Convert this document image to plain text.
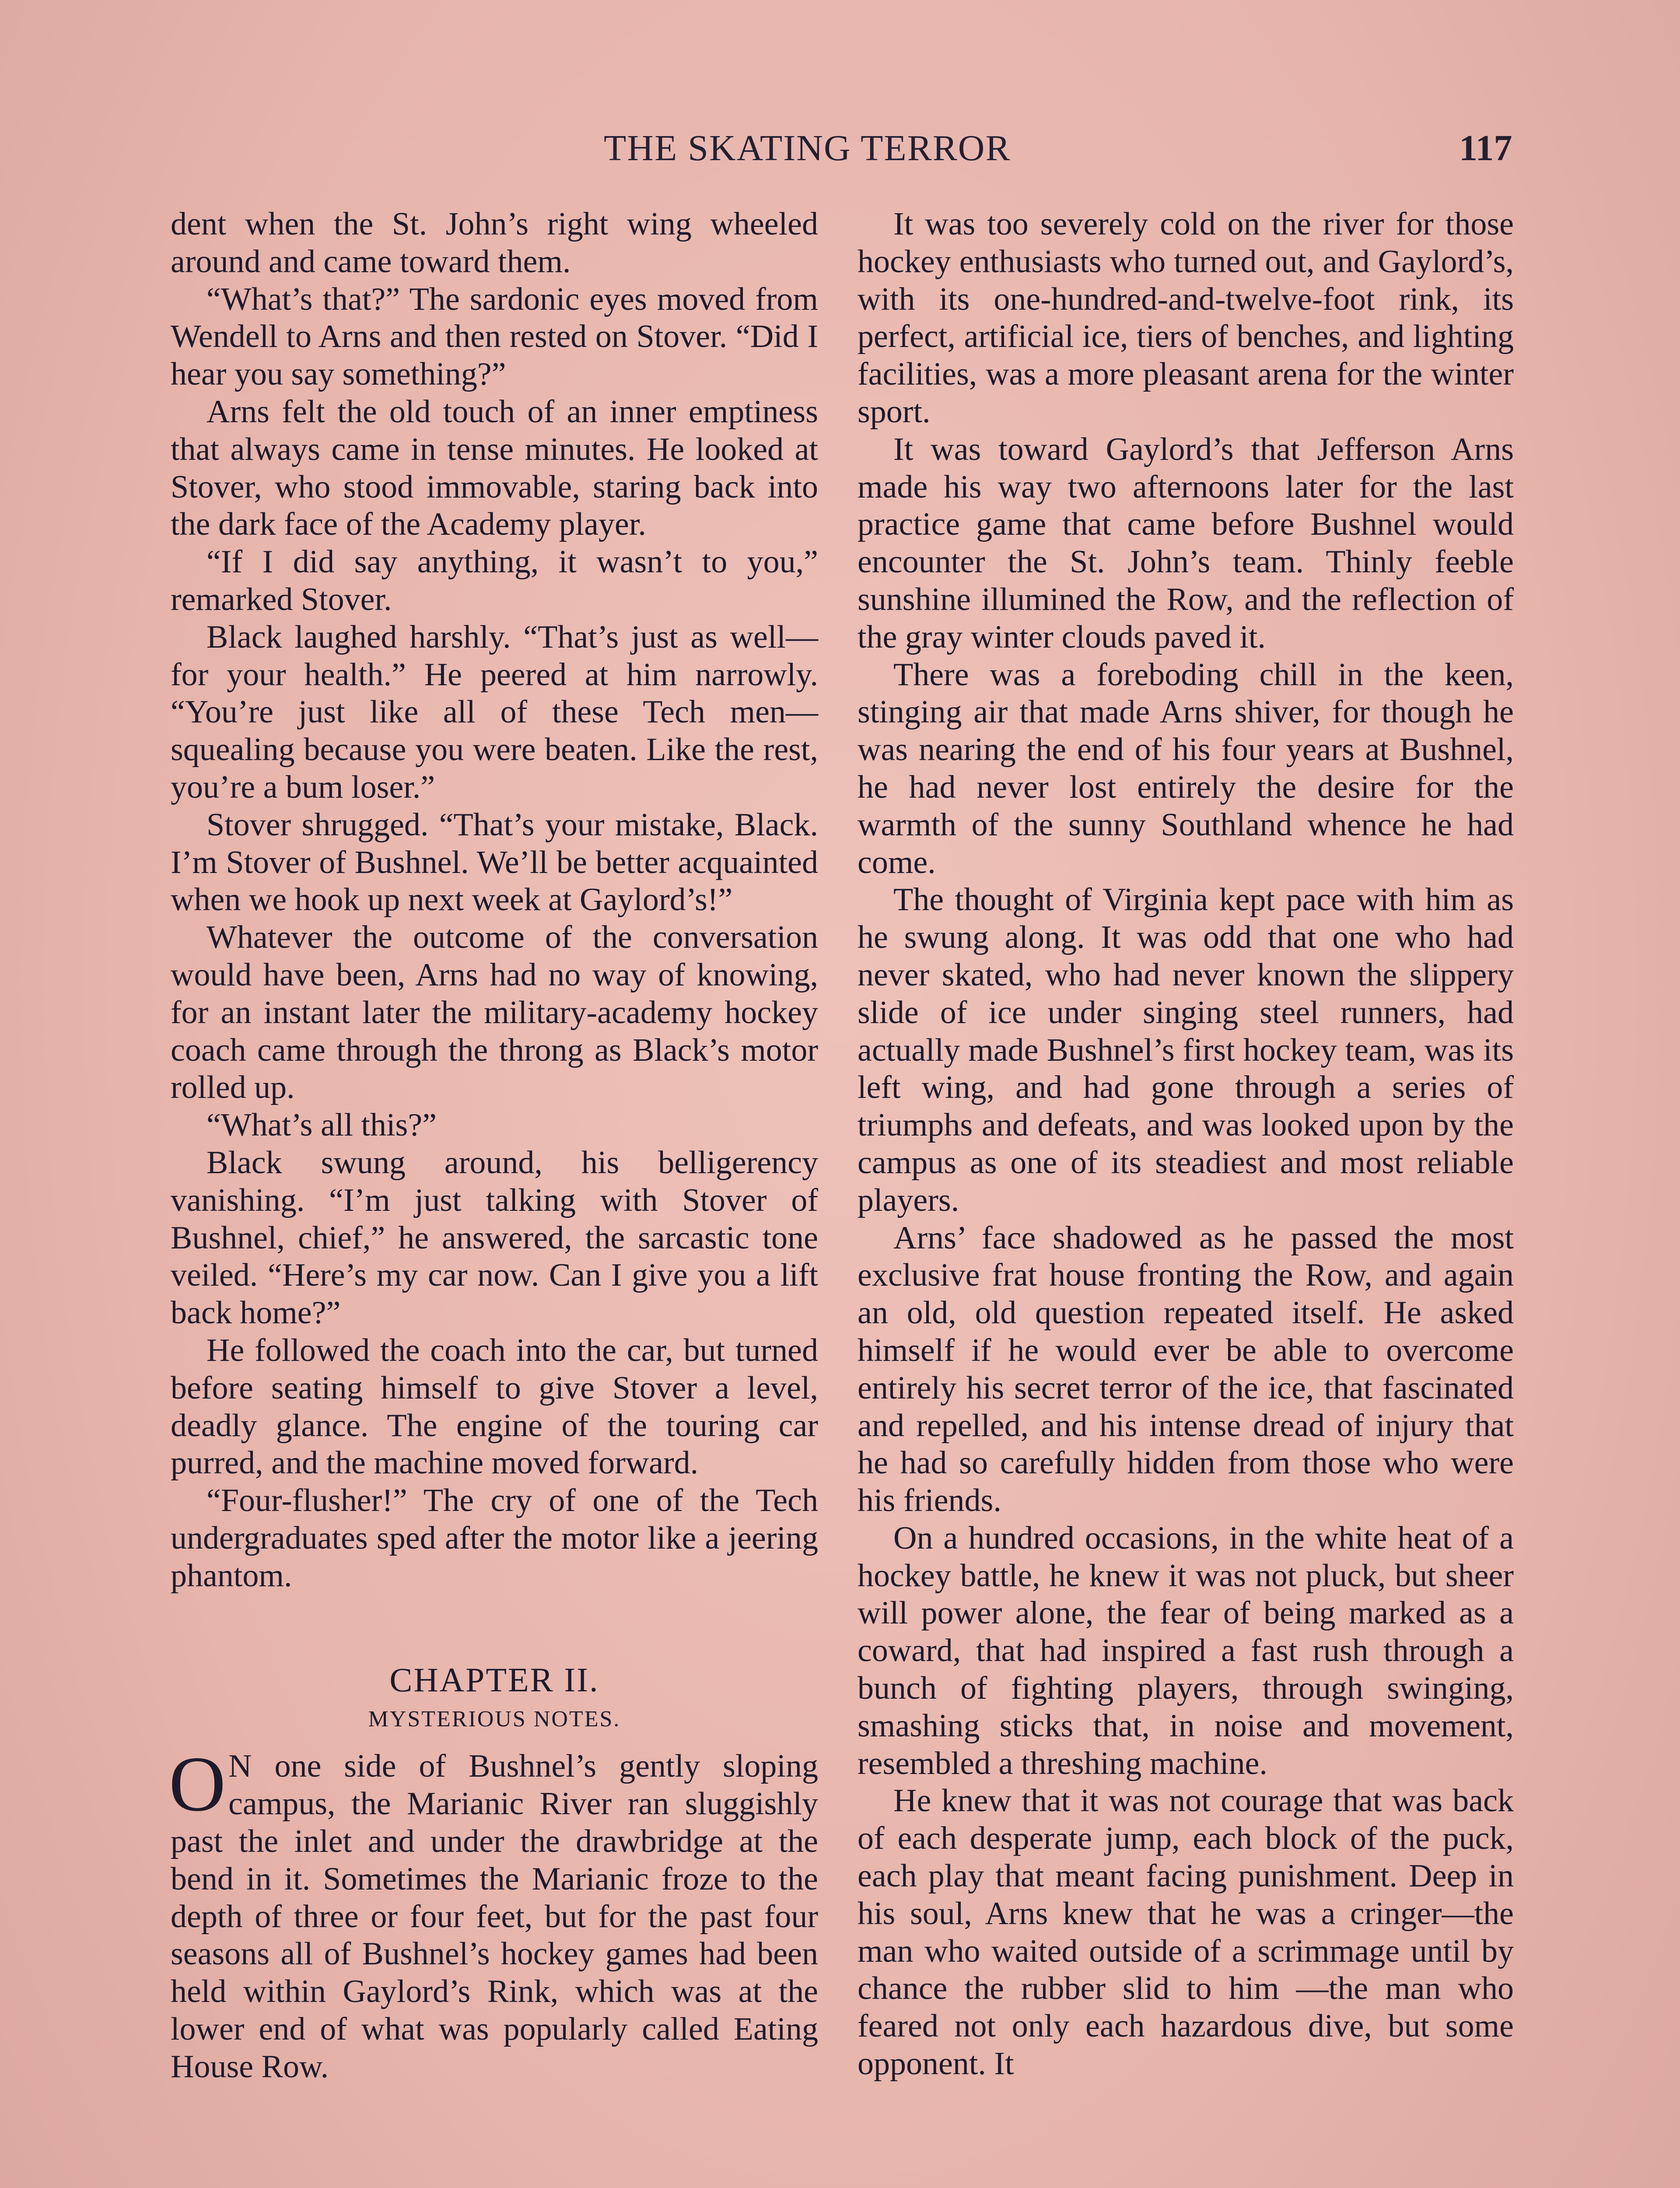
THE SKATING TERROR	117

dent when the St. John’s right wing wheeled around and came toward them.

“What’s that?” The sardonic eyes moved from Wendell to Arns and then rested on Stover. “Did I hear you say something?”

Arns felt the old touch of an inner emptiness that always came in tense minutes. He looked at Stover, who stood immovable, staring back into the dark face of the Academy player.

“If I did say anything, it wasn’t to you,” remarked Stover.

Black laughed harshly. “That’s just as well—for your health.” He peered at him narrowly. “You’re just like all of these Tech men—squealing because you were beaten. Like the rest, you’re a bum loser.”

Stover shrugged. “That’s your mistake, Black. I’m Stover of Bushnel. We’ll be better acquainted when we hook up next week at Gaylord’s!”

Whatever the outcome of the conversation would have been, Arns had no way of knowing, for an instant later the military-academy hockey coach came through the throng as Black’s motor rolled up.

“What’s all this?”

Black swung around, his belligerency vanishing. “I’m just talking with Stover of Bushnel, chief,” he answered, the sarcastic tone veiled. “Here’s my car now. Can I give you a lift back home?”

He followed the coach into the car, but turned before seating himself to give Stover a level, deadly glance. The engine of the touring car purred, and the machine moved forward.

“Four-flusher!” The cry of one of the Tech undergraduates sped after the motor like a jeering phantom.

CHAPTER II.
MYSTERIOUS NOTES.

O N one side of Bushnel’s gently sloping campus, the Marianic River ran sluggishly past the inlet and under the drawbridge at the bend in it. Sometimes the Marianic froze to the depth of three or four feet, but for the past four seasons all of Bushnel’s hockey games had been held within Gaylord’s Rink, which was at the lower end of what was popularly called Eating House Row.

It was too severely cold on the river for those hockey enthusiasts who turned out, and Gaylord’s, with its one-hundred-and-twelve-foot rink, its perfect, artificial ice, tiers of benches, and lighting facilities, was a more pleasant arena for the winter sport.

It was toward Gaylord’s that Jefferson Arns made his way two afternoons later for the last practice game that came before Bushnel would encounter the St. John’s team. Thinly feeble sunshine illumined the Row, and the reflection of the gray winter clouds paved it.

There was a foreboding chill in the keen, stinging air that made Arns shiver, for though he was nearing the end of his four years at Bushnel, he had never lost entirely the desire for the warmth of the sunny Southland whence he had come.

The thought of Virginia kept pace with him as he swung along. It was odd that one who had never skated, who had never known the slippery slide of ice under singing steel runners, had actually made Bushnel’s first hockey team, was its left wing, and had gone through a series of triumphs and defeats, and was looked upon by the campus as one of its steadiest and most reliable players.

Arns’ face shadowed as he passed the most exclusive frat house fronting the Row, and again an old, old question repeated itself. He asked himself if he would ever be able to overcome entirely his secret terror of the ice, that fascinated and repelled, and his intense dread of injury that he had so carefully hidden from those who were his friends.

On a hundred occasions, in the white heat of a hockey battle, he knew it was not pluck, but sheer will power alone, the fear of being marked as a coward, that had inspired a fast rush through a bunch of fighting players, through swinging, smashing sticks that, in noise and movement, resembled a threshing machine.

He knew that it was not courage that was back of each desperate jump, each block of the puck, each play that meant facing punishment. Deep in his soul, Arns knew that he was a cringer—the man who waited outside of a scrimmage until by chance the rubber slid to him —the man who feared not only each hazardous dive, but some opponent. It
